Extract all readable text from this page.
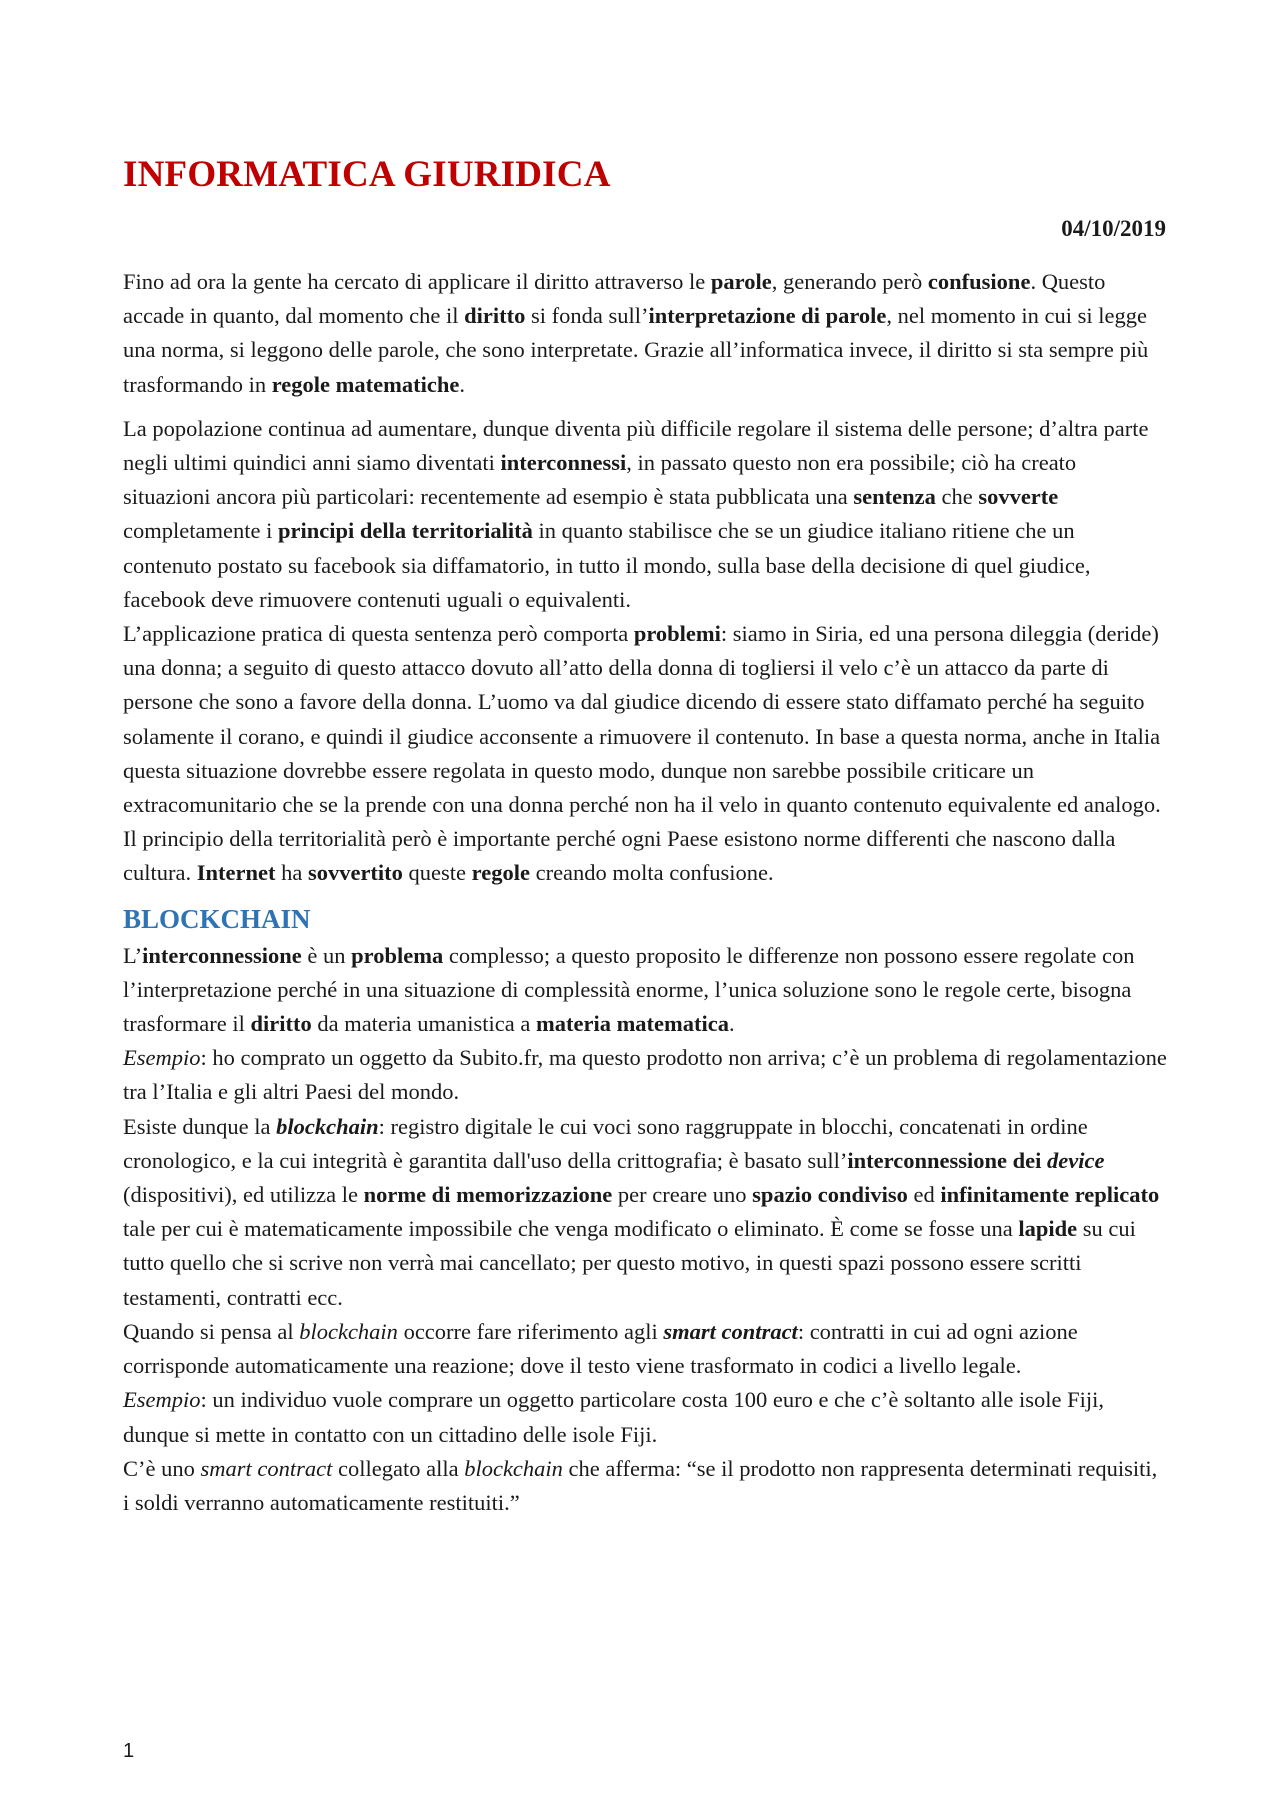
INFORMATICA GIURIDICA

04/10/2019

Fino ad ora la gente ha cercato di applicare il diritto attraverso le parole, generando però confusione. Questo accade in quanto, dal momento che il diritto si fonda sull’interpretazione di parole, nel momento in cui si legge una norma, si leggono delle parole, che sono interpretate. Grazie all’informatica invece, il diritto si sta sempre più trasformando in regole matematiche.

La popolazione continua ad aumentare, dunque diventa più difficile regolare il sistema delle persone; d’altra parte negli ultimi quindici anni siamo diventati interconnessi, in passato questo non era possibile; ciò ha creato situazioni ancora più particolari: recentemente ad esempio è stata pubblicata una sentenza che sovverte completamente i principi della territorialità in quanto stabilisce che se un giudice italiano ritiene che un contenuto postato su facebook sia diffamatorio, in tutto il mondo, sulla base della decisione di quel giudice, facebook deve rimuovere contenuti uguali o equivalenti.

L’applicazione pratica di questa sentenza però comporta problemi: siamo in Siria, ed una persona dileggia (deride) una donna; a seguito di questo attacco dovuto all’atto della donna di togliersi il velo c’è un attacco da parte di persone che sono a favore della donna. L’uomo va dal giudice dicendo di essere stato diffamato perché ha seguito solamente il corano, e quindi il giudice acconsente a rimuovere il contenuto. In base a questa norma, anche in Italia questa situazione dovrebbe essere regolata in questo modo, dunque non sarebbe possibile criticare un extracomunitario che se la prende con una donna perché non ha il velo in quanto contenuto equivalente ed analogo.

Il principio della territorialità però è importante perché ogni Paese esistono norme differenti che nascono dalla cultura. Internet ha sovvertito queste regole creando molta confusione.

BLOCKCHAIN

L’interconnessione è un problema complesso; a questo proposito le differenze non possono essere regolate con l’interpretazione perché in una situazione di complessità enorme, l’unica soluzione sono le regole certe, bisogna trasformare il diritto da materia umanistica a materia matematica.

Esempio: ho comprato un oggetto da Subito.fr, ma questo prodotto non arriva; c’è un problema di regolamentazione tra l’Italia e gli altri Paesi del mondo.

Esiste dunque la blockchain: registro digitale le cui voci sono raggruppate in blocchi, concatenati in ordine cronologico, e la cui integrità è garantita dall'uso della crittografia; è basato sull’interconnessione dei device (dispositivi), ed utilizza le norme di memorizzazione per creare uno spazio condiviso ed infinitamente replicato tale per cui è matematicamente impossibile che venga modificato o eliminato. È come se fosse una lapide su cui tutto quello che si scrive non verrà mai cancellato; per questo motivo, in questi spazi possono essere scritti testamenti, contratti ecc.

Quando si pensa al blockchain occorre fare riferimento agli smart contract: contratti in cui ad ogni azione corrisponde automaticamente una reazione; dove il testo viene trasformato in codici a livello legale.

Esempio: un individuo vuole comprare un oggetto particolare costa 100 euro e che c’è soltanto alle isole Fiji, dunque si mette in contatto con un cittadino delle isole Fiji.

C’è uno smart contract collegato alla blockchain che afferma: “se il prodotto non rappresenta determinati requisiti, i soldi verranno automaticamente restituiti.”

1
